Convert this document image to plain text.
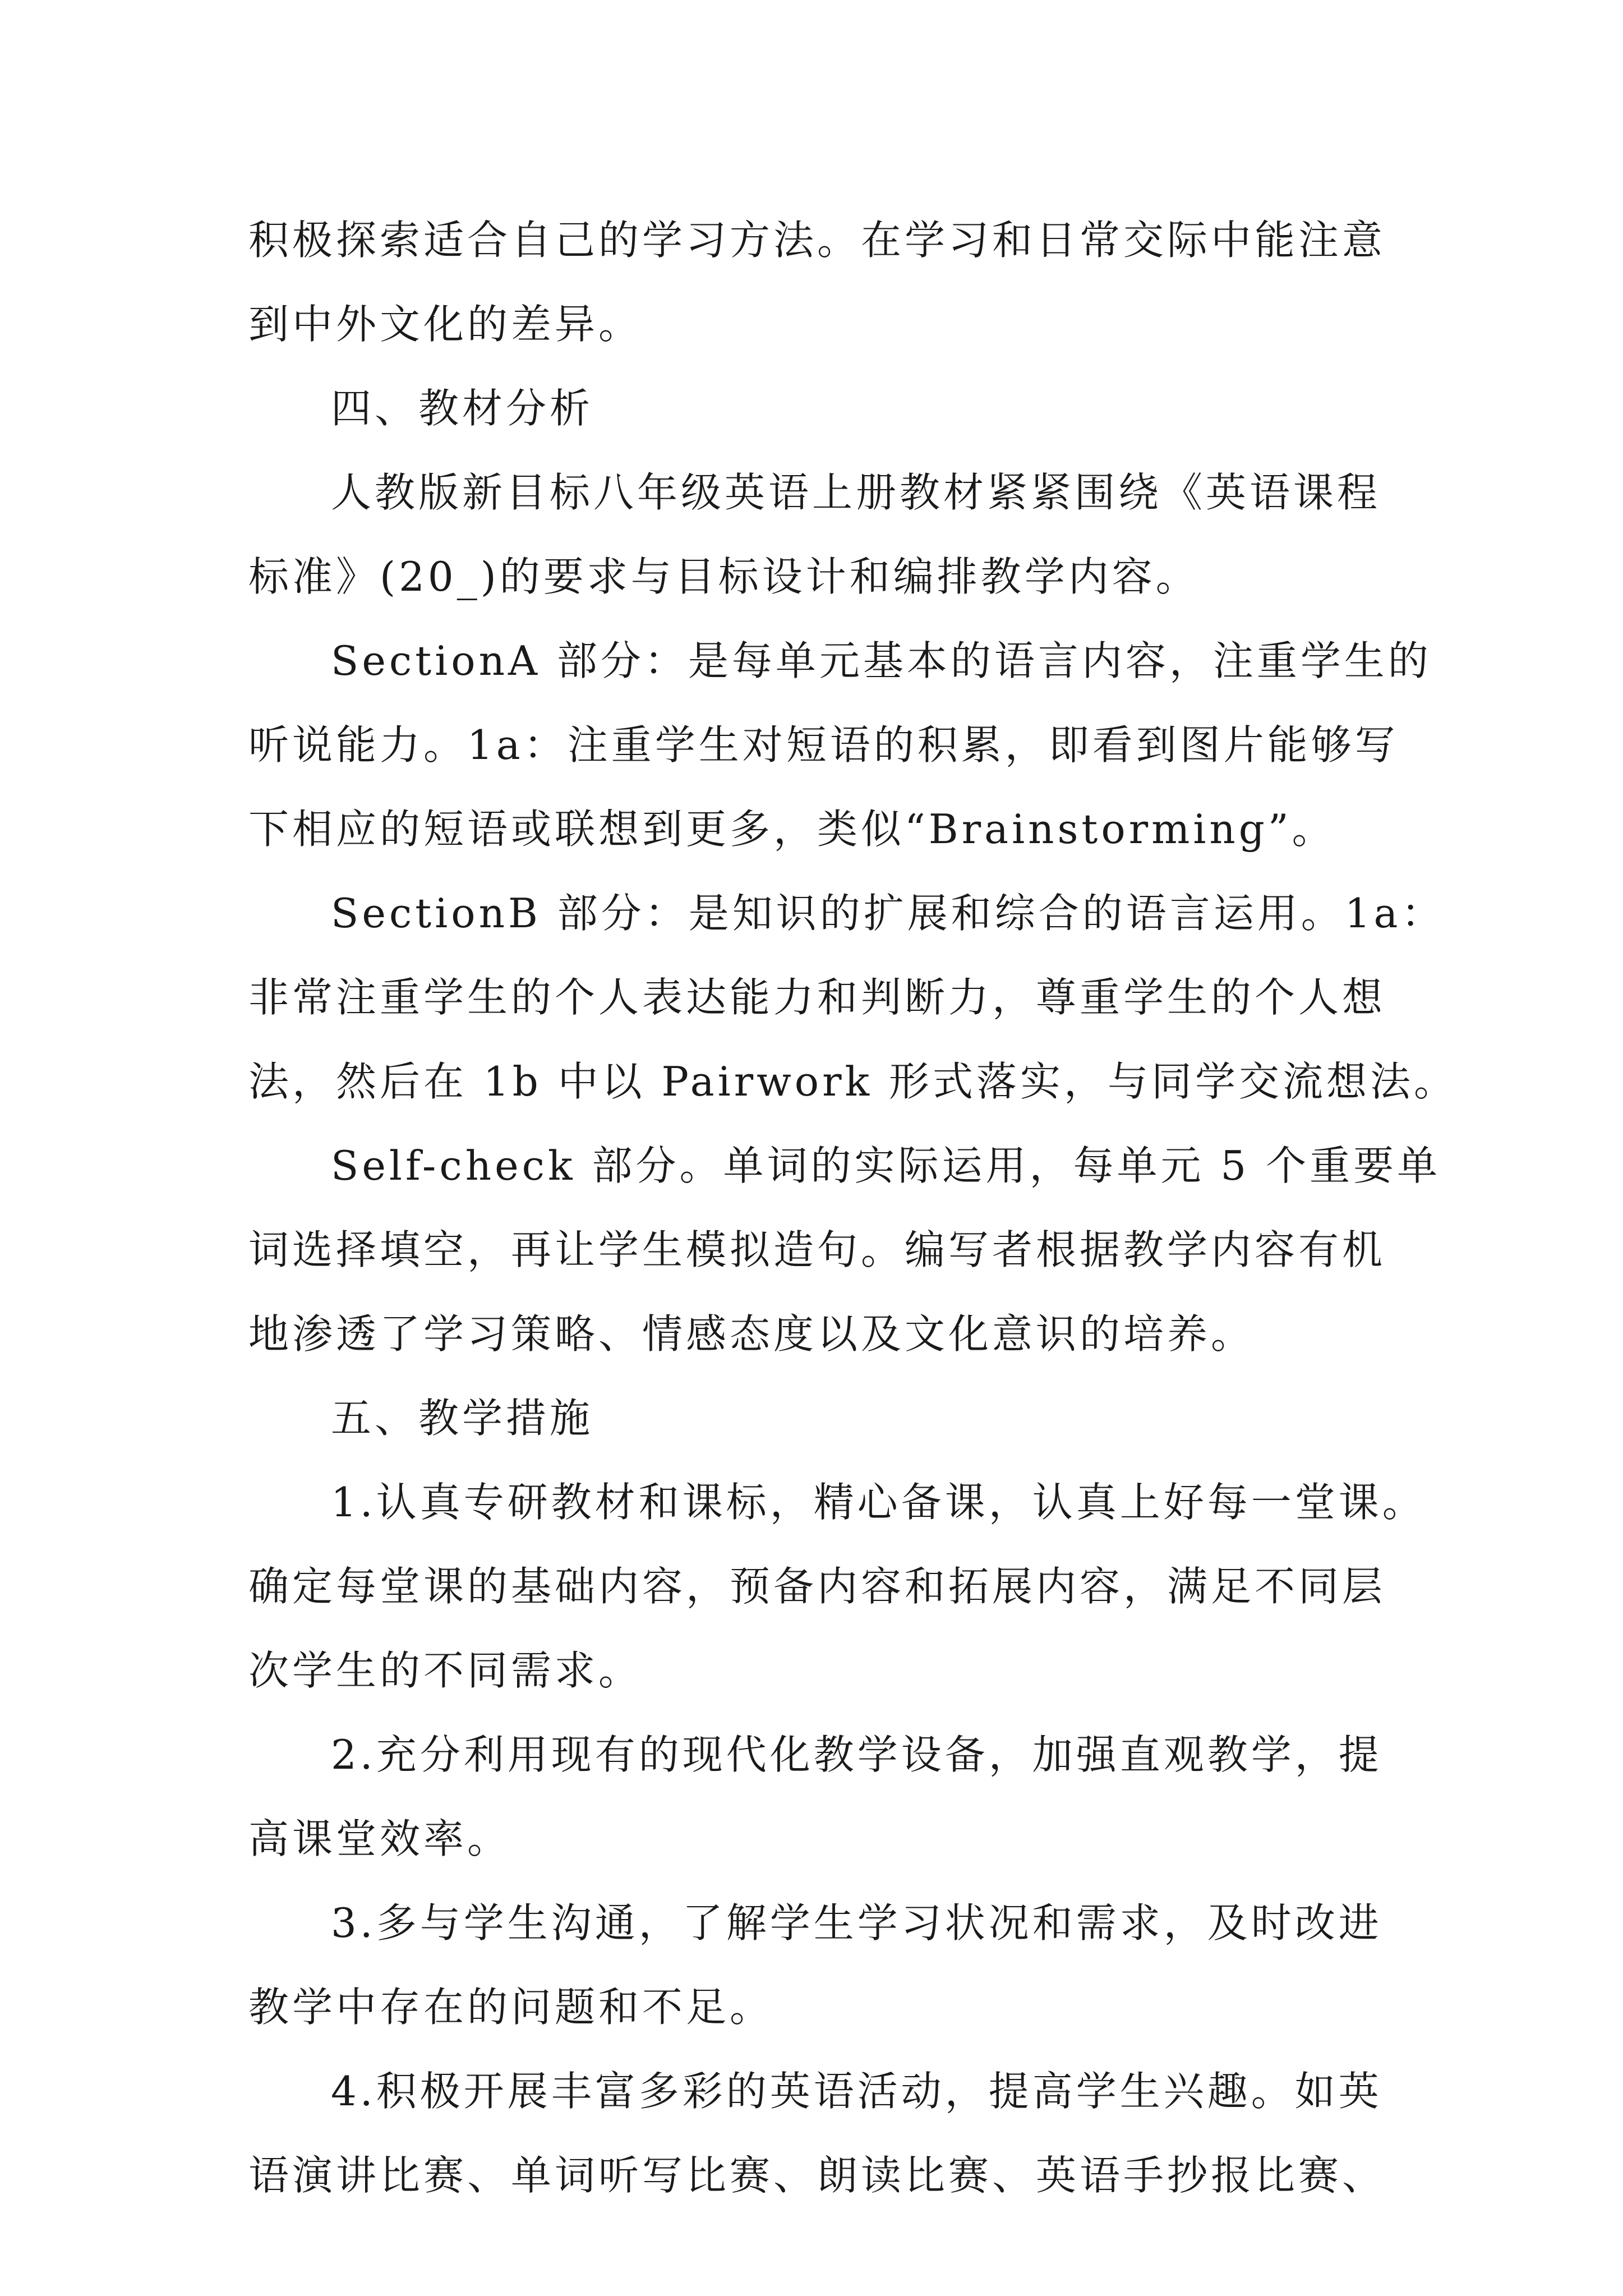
积极探索适合自己的学习方法。在学习和日常交际中能注意
到中外文化的差异。
四、教材分析
人教版新目标八年级英语上册教材紧紧围绕《英语课程
标准》(20_)的要求与目标设计和编排教学内容。
SectionA 部分：是每单元基本的语言内容，注重学生的
听说能力。1a：注重学生对短语的积累，即看到图片能够写
下相应的短语或联想到更多，类似“Brainstorming”。
SectionB 部分：是知识的扩展和综合的语言运用。1a：
非常注重学生的个人表达能力和判断力，尊重学生的个人想
法，然后在 1b 中以 Pairwork 形式落实，与同学交流想法。
Self-check 部分。单词的实际运用，每单元 5 个重要单
词选择填空，再让学生模拟造句。编写者根据教学内容有机
地渗透了学习策略、情感态度以及文化意识的培养。
五、教学措施
1.认真专研教材和课标，精心备课，认真上好每一堂课。
确定每堂课的基础内容，预备内容和拓展内容，满足不同层
次学生的不同需求。
2.充分利用现有的现代化教学设备，加强直观教学，提
高课堂效率。
3.多与学生沟通，了解学生学习状况和需求，及时改进
教学中存在的问题和不足。
4.积极开展丰富多彩的英语活动，提高学生兴趣。如英
语演讲比赛、单词听写比赛、朗读比赛、英语手抄报比赛、
